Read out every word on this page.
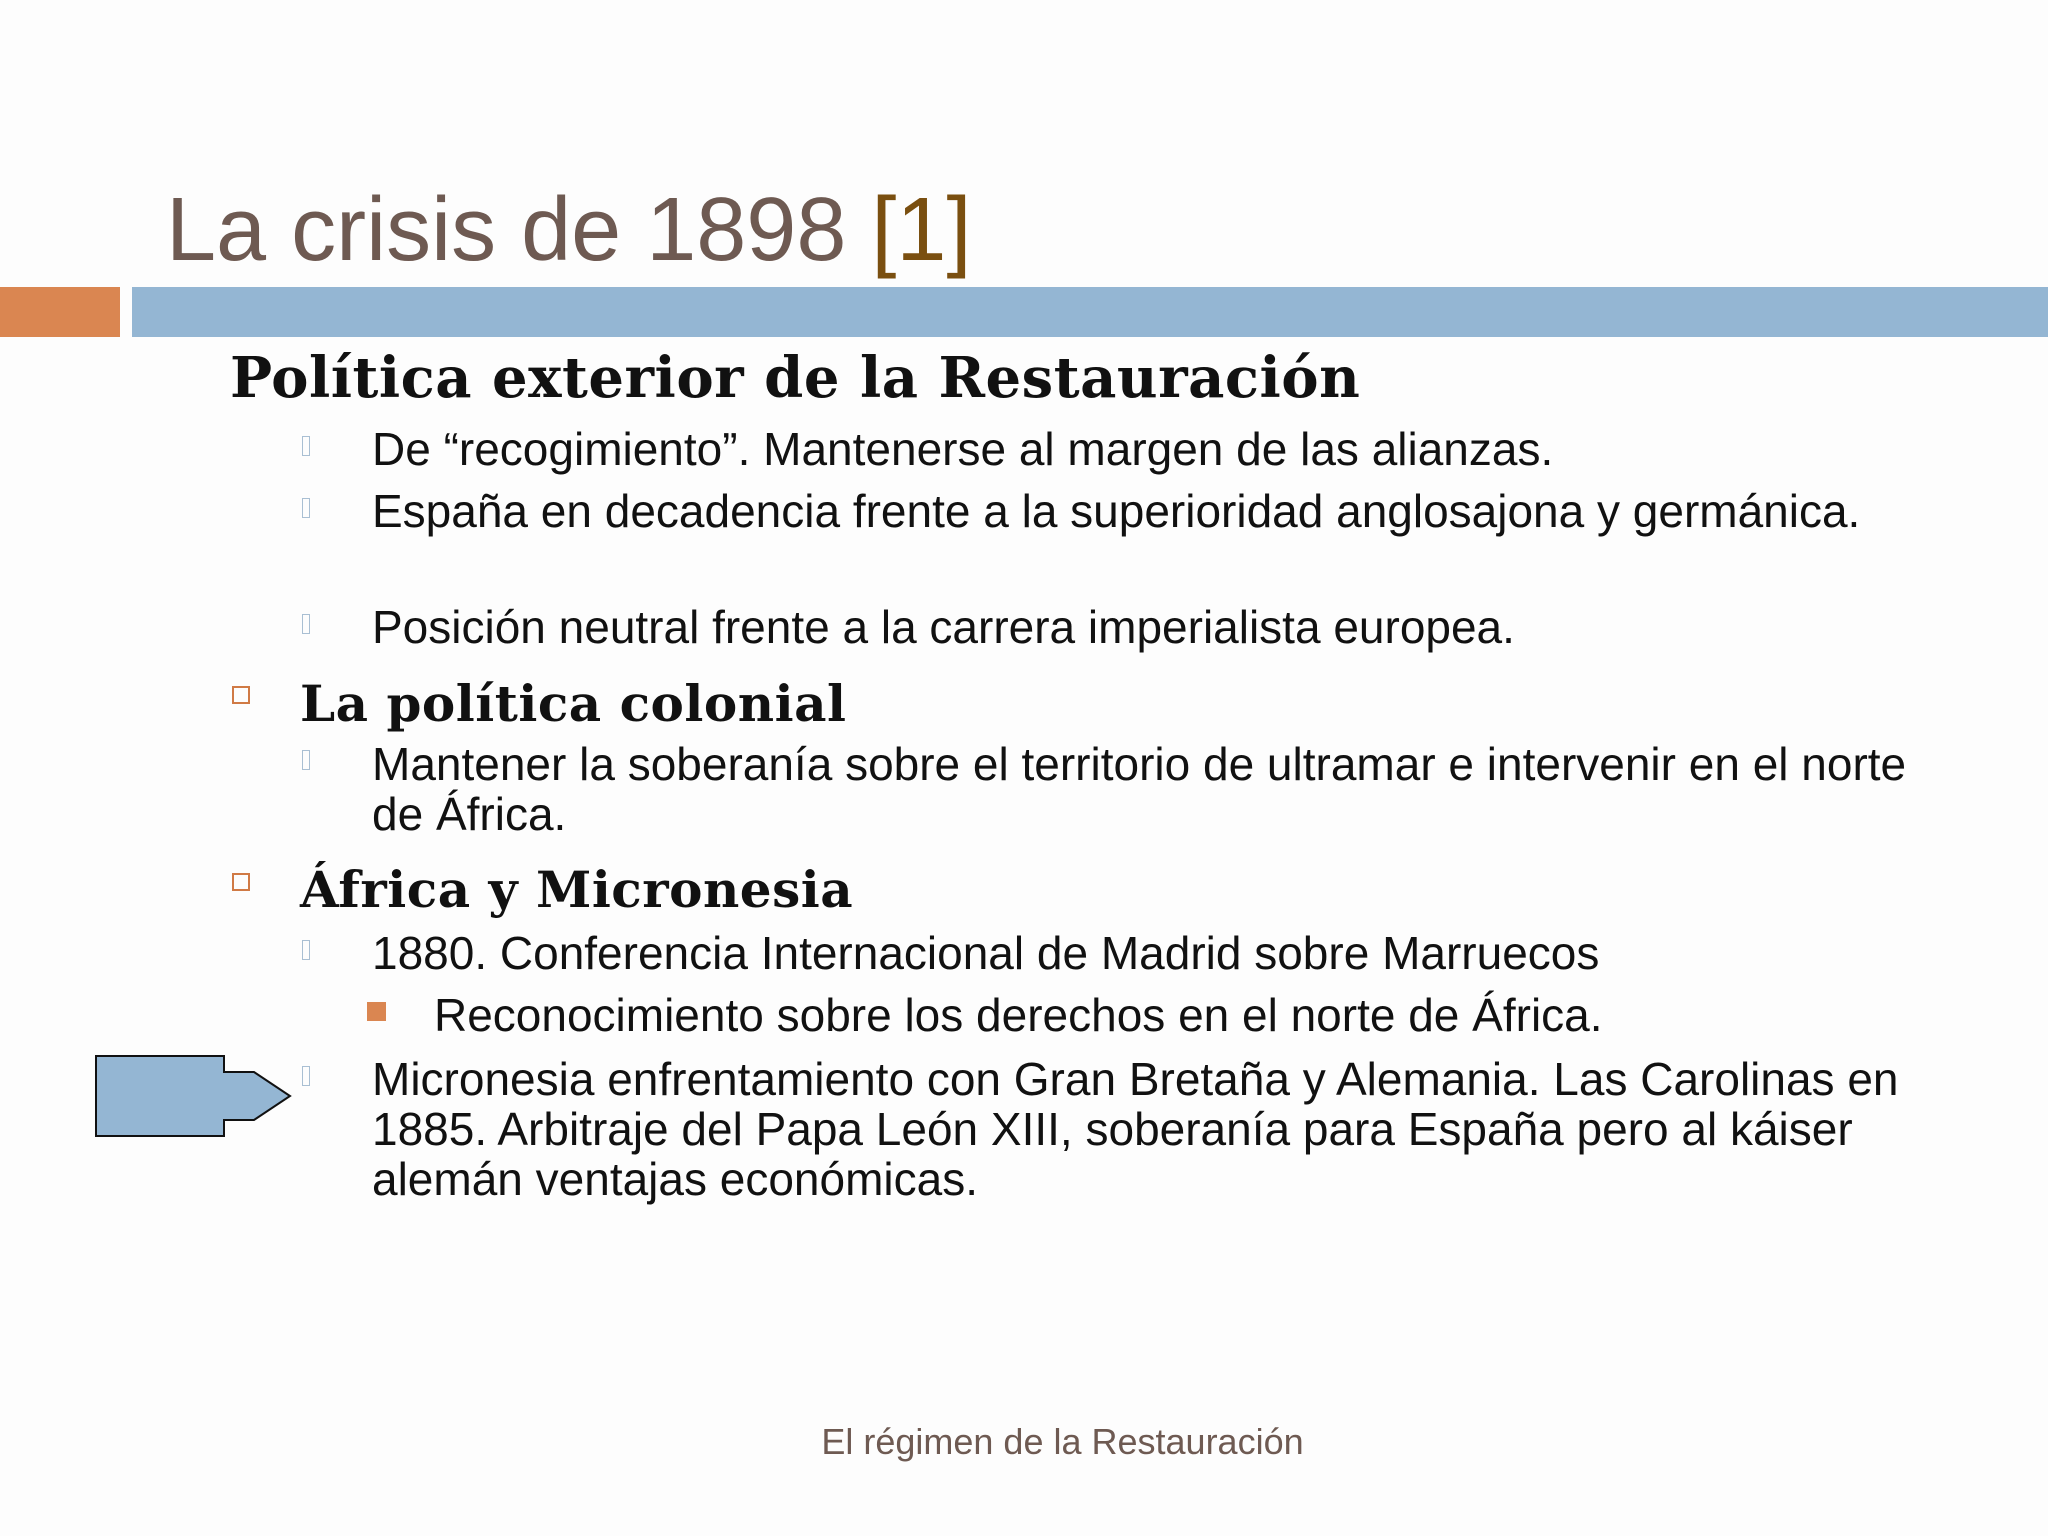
La crisis de 1898 [1]
Política exterior de la Restauración
De “recogimiento”. Mantenerse al margen de las alianzas.
España en decadencia frente a la superioridad anglosajona y germánica.
Posición neutral frente a la carrera imperialista europea.
La política colonial
Mantener la soberanía sobre el territorio de ultramar e intervenir en el norte de África.
África y Micronesia
1880. Conferencia Internacional de Madrid sobre Marruecos
Reconocimiento sobre los derechos en el norte de África.
Micronesia enfrentamiento con Gran Bretaña y Alemania. Las Carolinas en 1885. Arbitraje del Papa León XIII, soberanía para España pero al káiser alemán ventajas económicas.
El régimen de la Restauración
